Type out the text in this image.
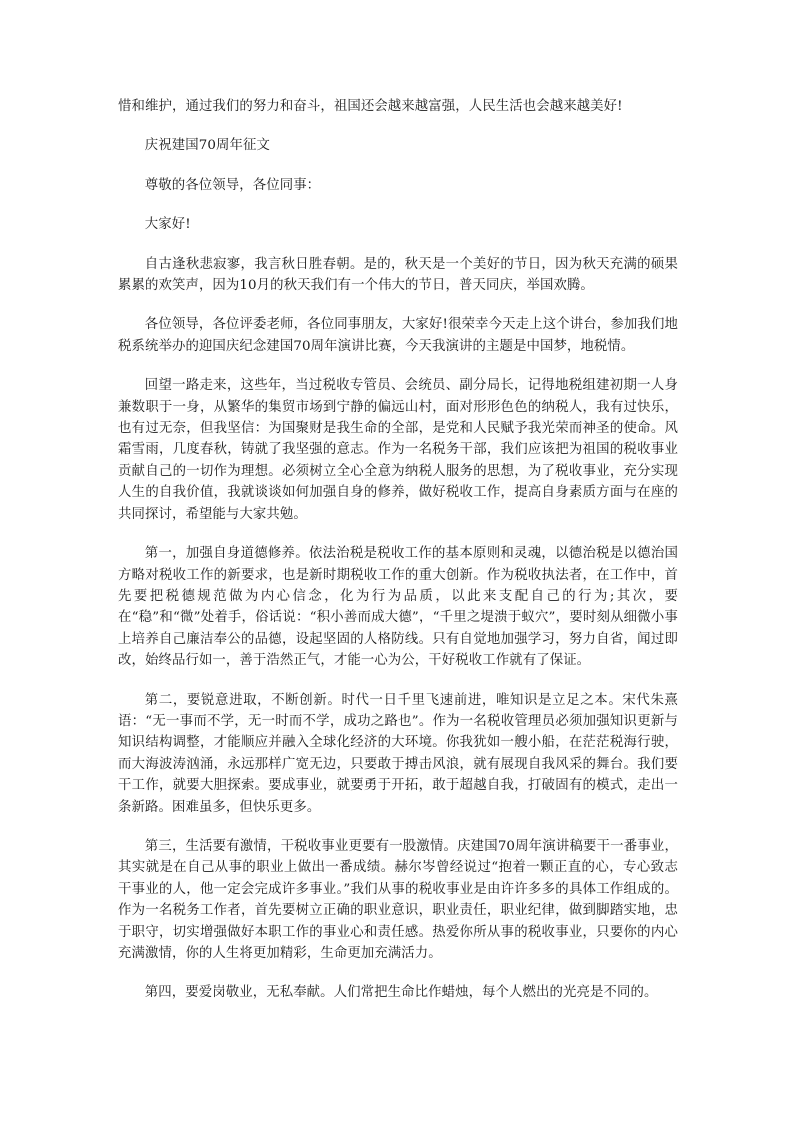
惜和维护，通过我们的努力和奋斗，祖国还会越来越富强，人民生活也会越来越美好!

庆祝建国70周年征文

尊敬的各位领导，各位同事：

大家好!

自古逢秋悲寂寥，我言秋日胜春朝。是的，秋天是一个美好的节日，因为秋天充满的硕果累累的欢笑声，因为10月的秋天我们有一个伟大的节日，普天同庆，举国欢腾。

各位领导，各位评委老师，各位同事朋友，大家好!很荣幸今天走上这个讲台，参加我们地税系统举办的迎国庆纪念建国70周年演讲比赛，今天我演讲的主题是中国梦，地税情。

回望一路走来，这些年，当过税收专管员、会统员、副分局长，记得地税组建初期一人身兼数职于一身，从繁华的集贸市场到宁静的偏远山村，面对形形色色的纳税人，我有过快乐，也有过无奈，但我坚信：为国聚财是我生命的全部，是党和人民赋予我光荣而神圣的使命。风霜雪雨，几度春秋，铸就了我坚强的意志。作为一名税务干部，我们应该把为祖国的税收事业贡献自己的一切作为理想。必须树立全心全意为纳税人服务的思想，为了税收事业，充分实现人生的自我价值，我就谈谈如何加强自身的修养，做好税收工作，提高自身素质方面与在座的共同探讨，希望能与大家共勉。

第一，加强自身道德修养。依法治税是税收工作的基本原则和灵魂，以德治税是以德治国方略对税收工作的新要求，也是新时期税收工作的重大创新。作为税收执法者，在工作中，首先要把税德规范做为内心信念，化为行为品质，以此来支配自己的行为;其次，要在“稳”和“微”处着手，俗话说：“积小善而成大德”，“千里之堤溃于蚁穴”，要时刻从细微小事上培养自己廉洁奉公的品德，设起坚固的人格防线。只有自觉地加强学习，努力自省，闻过即改，始终品行如一，善于浩然正气，才能一心为公，干好税收工作就有了保证。

第二，要锐意进取，不断创新。时代一日千里飞速前进，唯知识是立足之本。宋代朱熹语：“无一事而不学，无一时而不学，成功之路也”。作为一名税收管理员必须加强知识更新与知识结构调整，才能顺应并融入全球化经济的大环境。你我犹如一艘小船，在茫茫税海行驶，而大海波涛汹涌，永远那样广宽无边，只要敢于搏击风浪，就有展现自我风采的舞台。我们要干工作，就要大胆探索。要成事业，就要勇于开拓，敢于超越自我，打破固有的模式，走出一条新路。困难虽多，但快乐更多。

第三，生活要有激情，干税收事业更要有一股激情。庆建国70周年演讲稿要干一番事业，其实就是在自己从事的职业上做出一番成绩。赫尔岑曾经说过“抱着一颗正直的心，专心致志干事业的人，他一定会完成许多事业。”我们从事的税收事业是由许许多多的具体工作组成的。作为一名税务工作者，首先要树立正确的职业意识，职业责任，职业纪律，做到脚踏实地，忠于职守，切实增强做好本职工作的事业心和责任感。热爱你所从事的税收事业，只要你的内心充满激情，你的人生将更加精彩，生命更加充满活力。

第四，要爱岗敬业，无私奉献。人们常把生命比作蜡烛，每个人燃出的光亮是不同的。
